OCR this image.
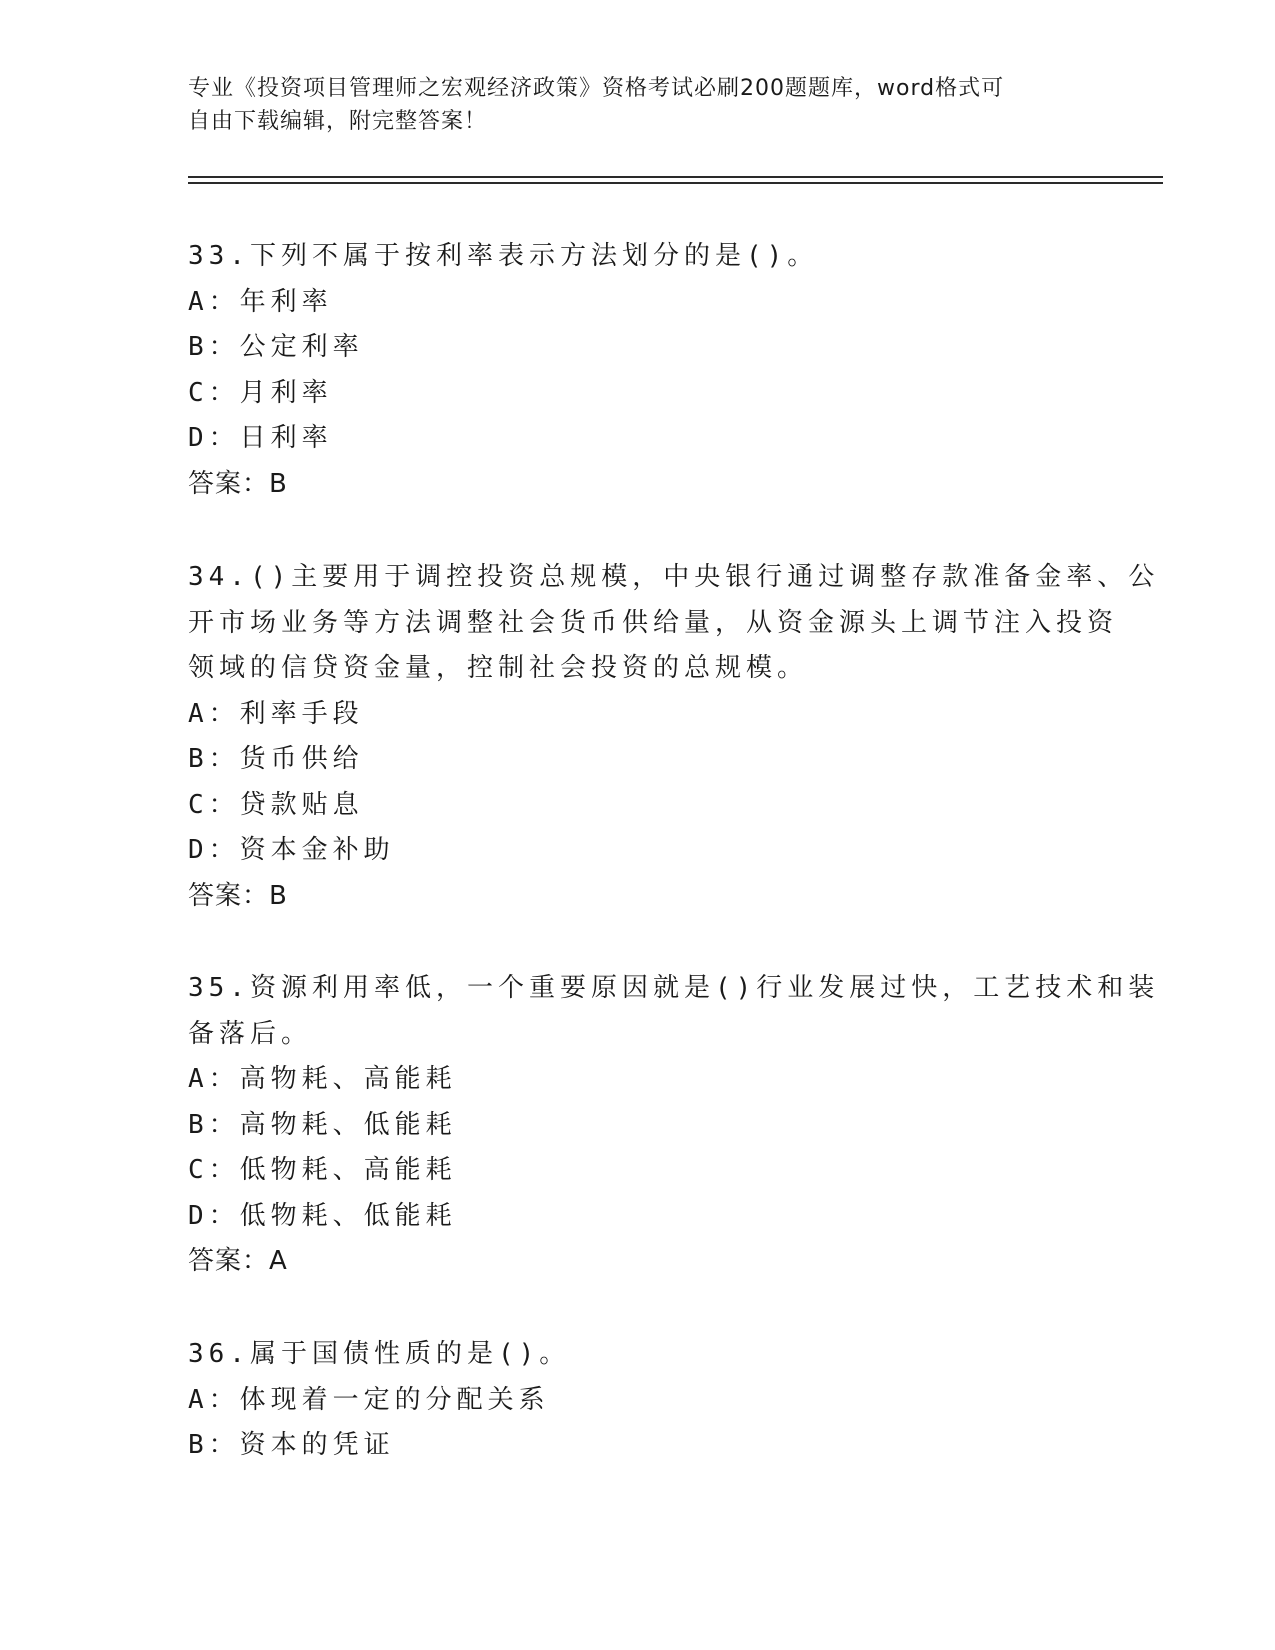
专业《投资项目管理师之宏观经济政策》资格考试必刷200题题库，word格式可
自由下载编辑，附完整答案！
33.下列不属于按利率表示方法划分的是()。
A：年利率
B：公定利率
C：月利率
D：日利率
答案：B
34.()主要用于调控投资总规模，中央银行通过调整存款准备金率、公
开市场业务等方法调整社会货币供给量，从资金源头上调节注入投资
领域的信贷资金量，控制社会投资的总规模。
A：利率手段
B：货币供给
C：贷款贴息
D：资本金补助
答案：B
35.资源利用率低，一个重要原因就是()行业发展过快，工艺技术和装
备落后。
A：高物耗、高能耗
B：高物耗、低能耗
C：低物耗、高能耗
D：低物耗、低能耗
答案：A
36.属于国债性质的是()。
A：体现着一定的分配关系
B：资本的凭证
